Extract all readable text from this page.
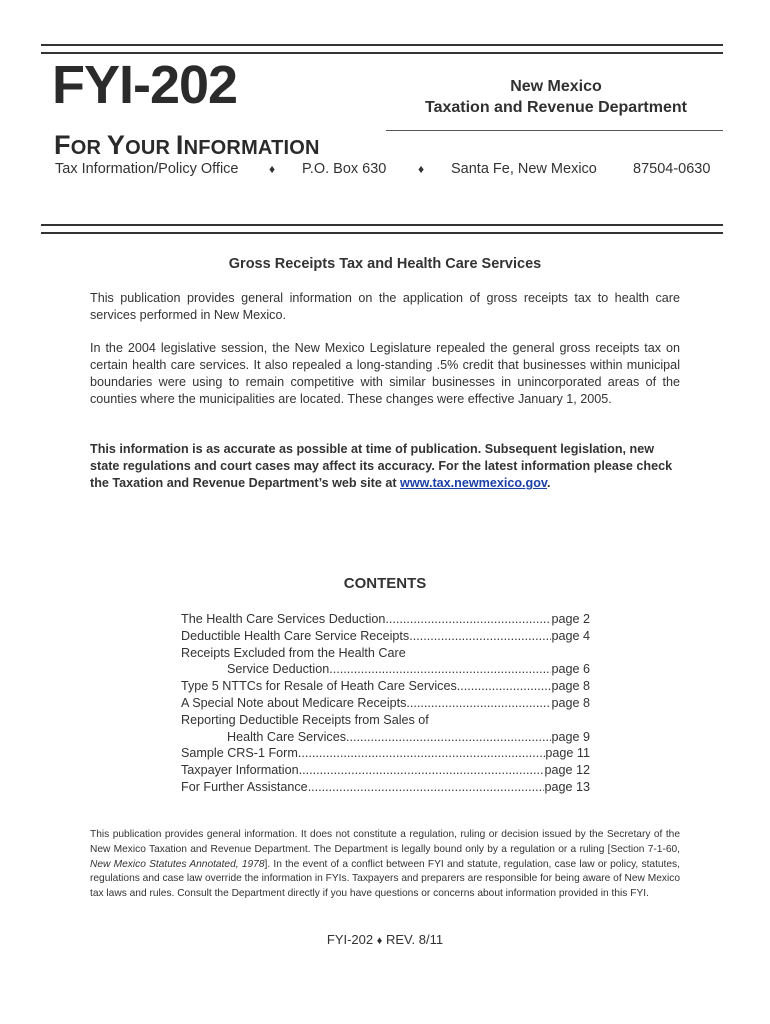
FYI-202	New Mexico
Taxation and Revenue Department
FOR YOUR INFORMATION
Tax Information/Policy Office	♦ P.O. Box 630	♦ Santa Fe, New Mexico 87504-0630
Gross Receipts Tax and Health Care Services
This publication provides general information on the application of gross receipts tax to health care services performed in New Mexico.
In the 2004 legislative session, the New Mexico Legislature repealed the general gross receipts tax on certain health care services. It also repealed a long-standing .5% credit that businesses within municipal boundaries were using to remain competitive with similar businesses in unincorporated areas of the counties where the municipalities are located. These changes were effective January 1, 2005.
This information is as accurate as possible at time of publication. Subsequent legislation, new state regulations and court cases may affect its accuracy. For the latest information please check the Taxation and Revenue Department’s web site at www.tax.newmexico.gov.
CONTENTS
The Health Care Services Deduction .....	page 2
Deductible Health Care Service Receipts .....	page 4
Receipts Excluded from the Health Care
Service Deduction .....	page 6
Type 5 NTTCs for Resale of Heath Care Services .....	page 8
A Special Note about Medicare Receipts .....	page 8
Reporting Deductible Receipts from Sales of
Health Care Services .....	page 9
Sample CRS-1 Form .....	page 11
Taxpayer Information .....	page 12
For Further Assistance .....	page 13
This publication provides general information. It does not constitute a regulation, ruling or decision issued by the Secretary of the New Mexico Taxation and Revenue Department. The Department is legally bound only by a regulation or a ruling [Section 7-1-60, New Mexico Statutes Annotated, 1978]. In the event of a conflict between FYI and statute, regulation, case law or policy, statutes, regulations and case law override the information in FYIs. Taxpayers and preparers are responsible for being aware of New Mexico tax laws and rules. Consult the Department directly if you have questions or concerns about information provided in this FYI.
FYI-202 ♦ REV. 8/11
